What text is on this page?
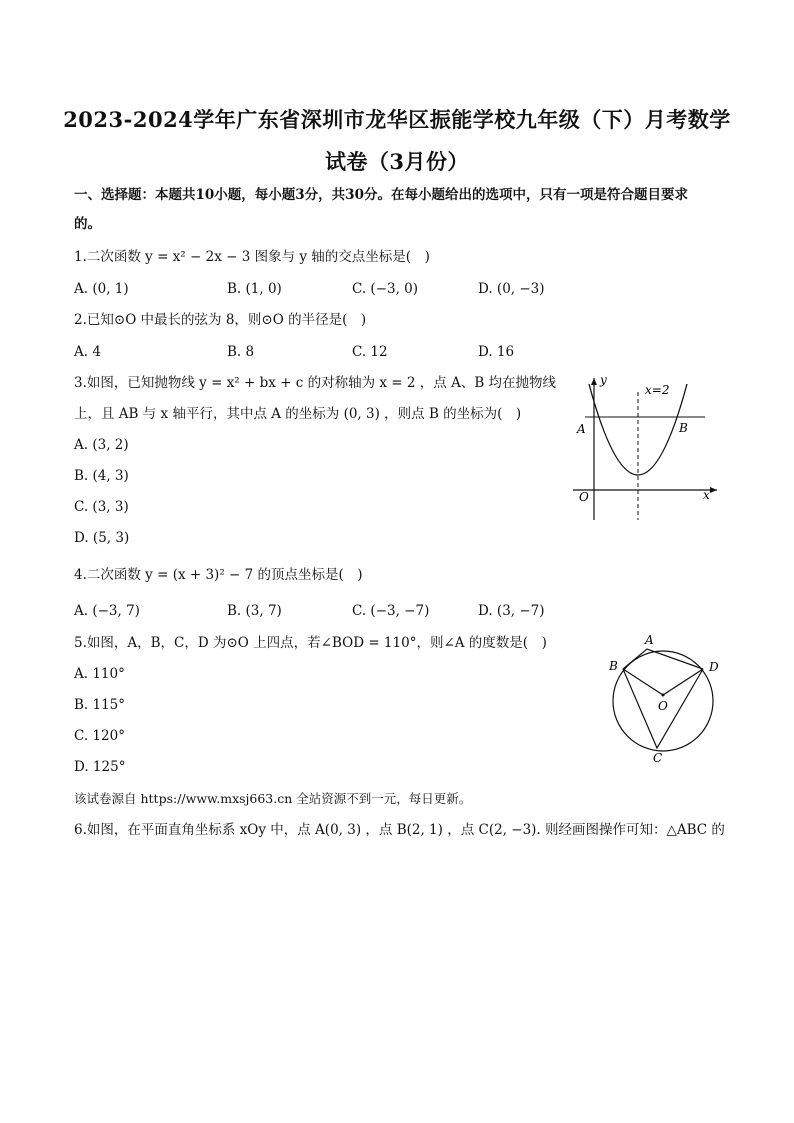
2023-2024学年广东省深圳市龙华区振能学校九年级（下）月考数学
试卷（3月份）
一、选择题：本题共10小题，每小题3分，共30分。在每小题给出的选项中，只有一项是符合题目要求
的。
1.二次函数 y = x² − 2x − 3 图象与 y 轴的交点坐标是(　)
A. (0, 1)	B. (1, 0)	C. (−3, 0)	D. (0, −3)
2.已知⊙O 中最长的弦为 8，则⊙O 的半径是(　)
A. 4	B. 8	C. 12	D. 16
3.如图，已知抛物线 y = x² + bx + c 的对称轴为 x = 2 ，点 A、B 均在抛物线
上，且 AB 与 x 轴平行，其中点 A 的坐标为 (0, 3) ，则点 B 的坐标为(　)
A. (3, 2)
B. (4, 3)
C. (3, 3)
D. (5, 3)
y
x=2
A	B
O	x
4.二次函数 y = (x + 3)² − 7 的顶点坐标是(　)
A. (−3, 7)	B. (3, 7)	C. (−3, −7)	D. (3, −7)
5.如图，A，B，C，D 为⊙O 上四点，若∠BOD = 110°，则∠A 的度数是(　)
A. 110°
B. 115°
C. 120°
D. 125°
A
B	D
O
C
该试卷源自 https://www.mxsj663.cn 全站资源不到一元，每日更新。
6.如图，在平面直角坐标系 xOy 中，点 A(0, 3) ，点 B(2, 1) ，点 C(2, −3). 则经画图操作可知：△ABC 的
